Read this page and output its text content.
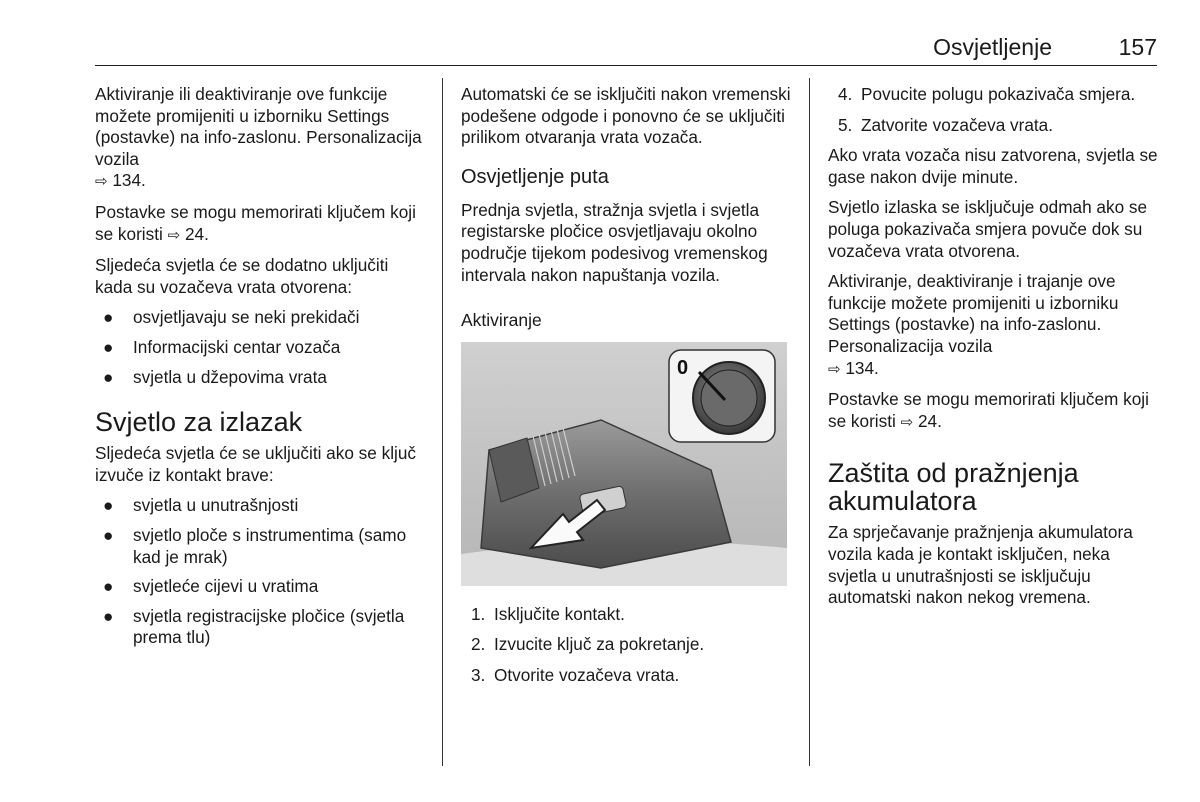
Osvjetljenje	157

Aktiviranje ili deaktiviranje ove funkcije možete promijeniti u izborniku Settings (postavke) na info-zaslonu. Personalizacija vozila
⇨ 134.

Postavke se mogu memorirati ključem koji se koristi ⇨ 24.

Sljedeća svjetla će se dodatno uključiti kada su vozačeva vrata otvorena:

● osvjetljavaju se neki prekidači
● Informacijski centar vozača
● svjetla u džepovima vrata
Svjetlo za izlazak

Sljedeća svjetla će se uključiti ako se ključ izvuče iz kontakt brave:

● svjetla u unutrašnjosti
● svjetlo ploče s instrumentima (samo kad je mrak)
● svjetleće cijevi u vratima
● svjetla registracijske pločice (svjetla prema tlu)

Automatski će se isključiti nakon vremenski podešene odgode i ponovno će se uključiti prilikom otvaranja vrata vozača.

Osvjetljenje puta

Prednja svjetla, stražnja svjetla i svjetla registarske pločice osvjetljavaju okolno područje tijekom podesivog vremenskog intervala nakon napuštanja vozila.

Aktiviranje
0
1. Isključite kontakt.
2. Izvucite ključ za pokretanje.
3. Otvorite vozačeva vrata.
4. Povucite polugu pokazivača smjera.
5. Zatvorite vozačeva vrata.

Ako vrata vozača nisu zatvorena, svjetla se gase nakon dvije minute.

Svjetlo izlaska se isključuje odmah ako se poluga pokazivača smjera povuče dok su vozačeva vrata otvorena.

Aktiviranje, deaktiviranje i trajanje ove funkcije možete promijeniti u izborniku Settings (postavke) na info-zaslonu. Personalizacija vozila
⇨ 134.

Postavke se mogu memorirati ključem koji se koristi ⇨ 24.

Zaštita od pražnjenja akumulatora

Za sprječavanje pražnjenja akumulatora vozila kada je kontakt isključen, neka svjetla u unutrašnjosti se isključuju automatski nakon nekog vremena.
